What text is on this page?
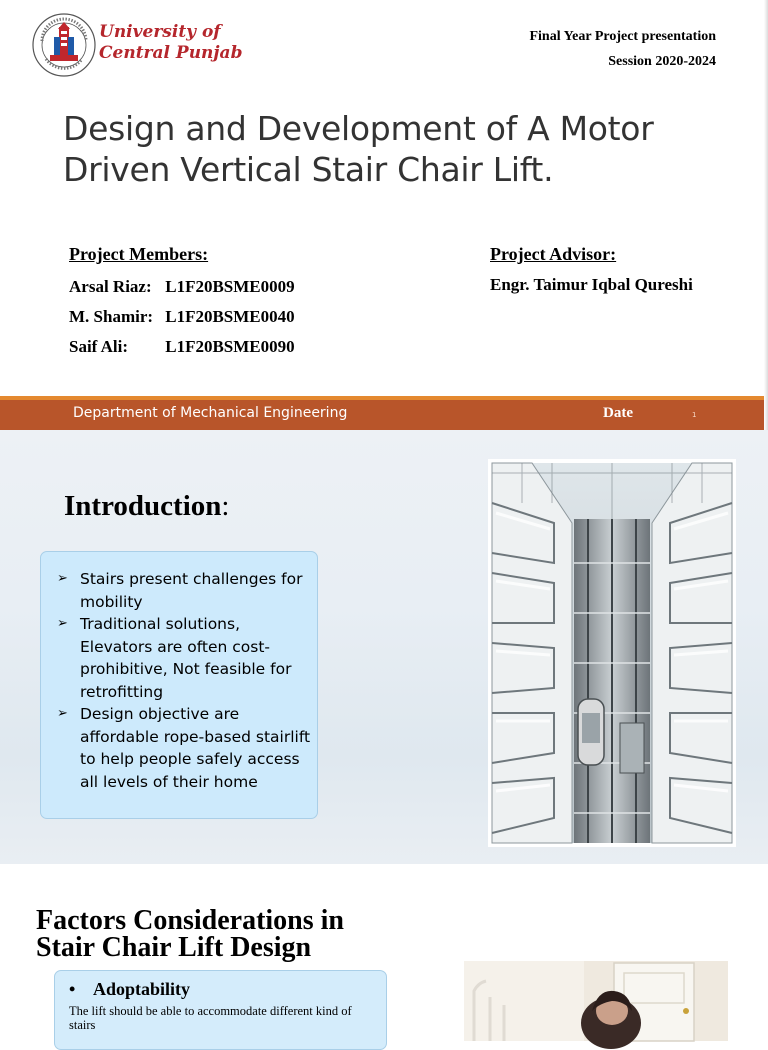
University of
Central Punjab
Final Year Project presentation
Session 2020-2024
Design and Development of A Motor
Driven Vertical Stair Chair Lift.
Project Members:
Arsal Riaz: L1F20BSME0009
M. Shamir: L1F20BSME0040
Saif Ali: L1F20BSME0090
Project Advisor:
Engr. Taimur Iqbal Qureshi
Department of Mechanical Engineering	Date	1
Introduction:
➢ Stairs present challenges for mobility
➢ Traditional solutions, Elevators are often cost-prohibitive, Not feasible for retrofitting
➢ Design objective are affordable rope-based stairlift to help people safely access all levels of their home
Factors Considerations in
Stair Chair Lift Design
• Adoptability
The lift should be able to accommodate different kind of stairs
